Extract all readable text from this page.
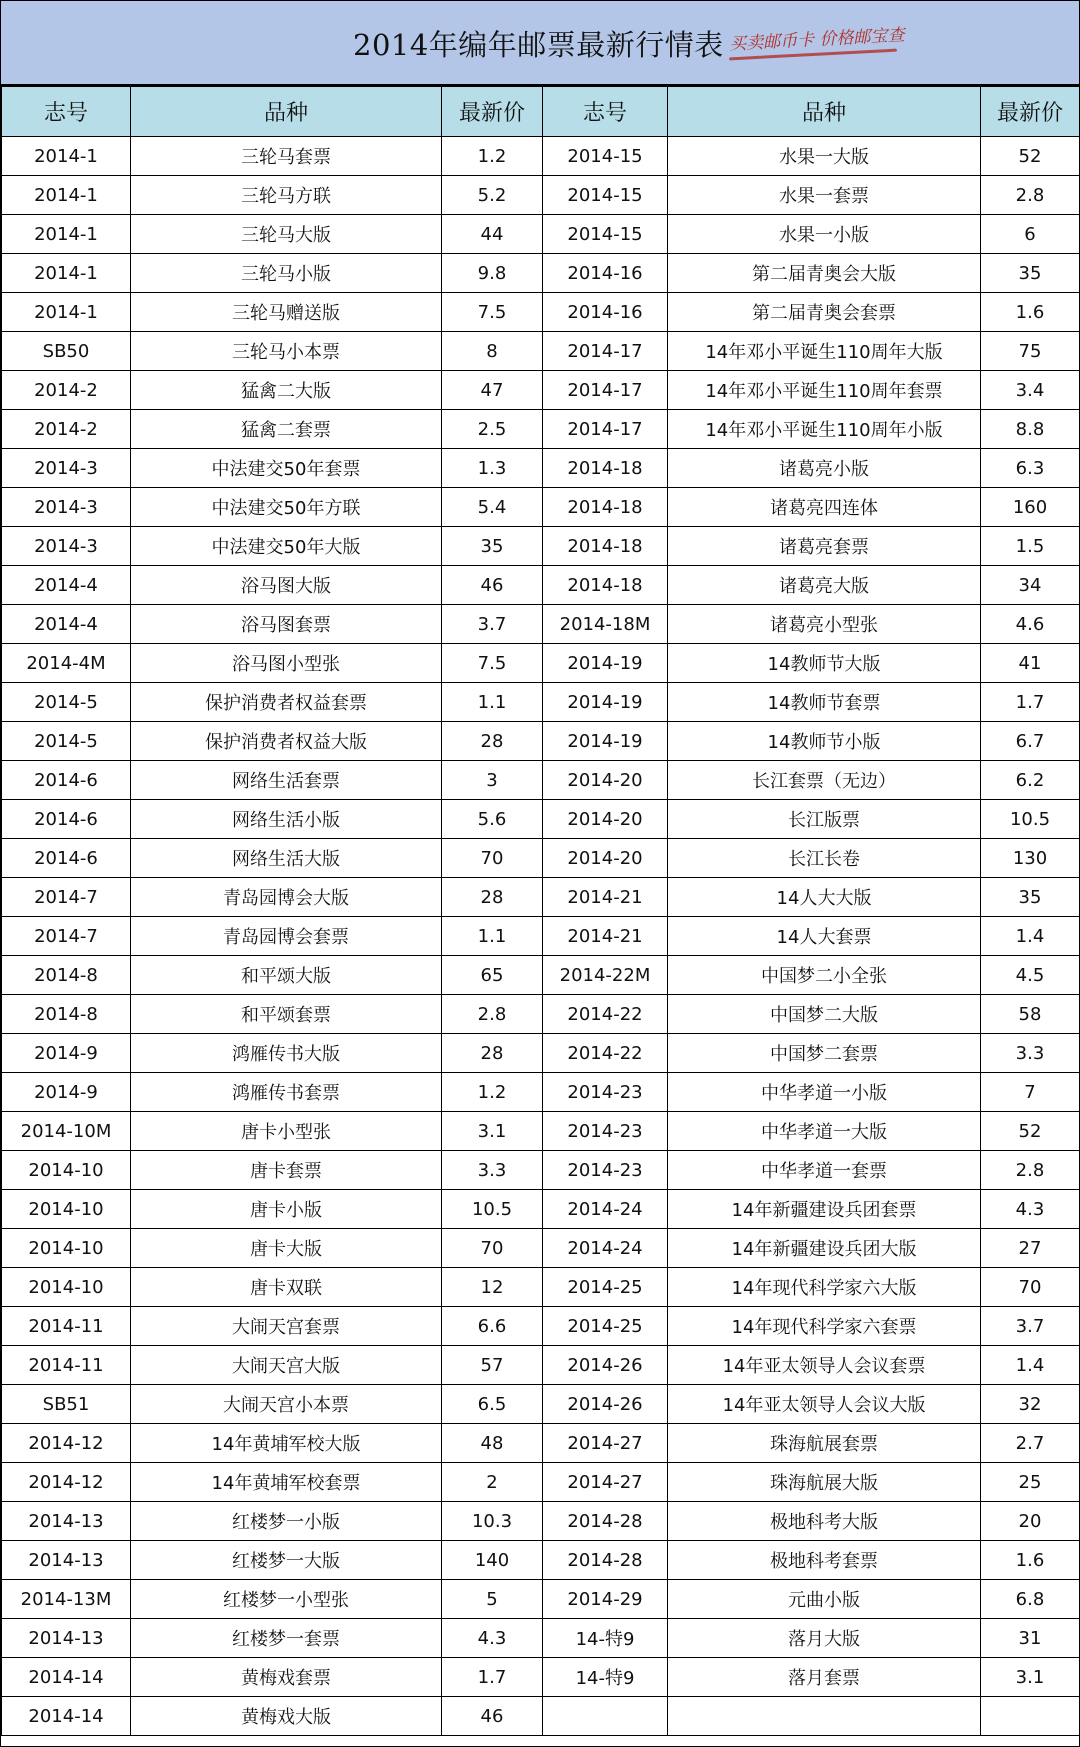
2014年编年邮票最新行情表 买卖邮币卡 价格邮宝查
志号	品种	最新价	志号	品种	最新价
2014-1	三轮马套票	1.2	2014-15	水果一大版	52
2014-1	三轮马方联	5.2	2014-15	水果一套票	2.8
2014-1	三轮马大版	44	2014-15	水果一小版	6
2014-1	三轮马小版	9.8	2014-16	第二届青奥会大版	35
2014-1	三轮马赠送版	7.5	2014-16	第二届青奥会套票	1.6
SB50	三轮马小本票	8	2014-17	14年邓小平诞生110周年大版	75
2014-2	猛禽二大版	47	2014-17	14年邓小平诞生110周年套票	3.4
2014-2	猛禽二套票	2.5	2014-17	14年邓小平诞生110周年小版	8.8
2014-3	中法建交50年套票	1.3	2014-18	诸葛亮小版	6.3
2014-3	中法建交50年方联	5.4	2014-18	诸葛亮四连体	160
2014-3	中法建交50年大版	35	2014-18	诸葛亮套票	1.5
2014-4	浴马图大版	46	2014-18	诸葛亮大版	34
2014-4	浴马图套票	3.7	2014-18M	诸葛亮小型张	4.6
2014-4M	浴马图小型张	7.5	2014-19	14教师节大版	41
2014-5	保护消费者权益套票	1.1	2014-19	14教师节套票	1.7
2014-5	保护消费者权益大版	28	2014-19	14教师节小版	6.7
2014-6	网络生活套票	3	2014-20	长江套票（无边）	6.2
2014-6	网络生活小版	5.6	2014-20	长江版票	10.5
2014-6	网络生活大版	70	2014-20	长江长卷	130
2014-7	青岛园博会大版	28	2014-21	14人大大版	35
2014-7	青岛园博会套票	1.1	2014-21	14人大套票	1.4
2014-8	和平颂大版	65	2014-22M	中国梦二小全张	4.5
2014-8	和平颂套票	2.8	2014-22	中国梦二大版	58
2014-9	鸿雁传书大版	28	2014-22	中国梦二套票	3.3
2014-9	鸿雁传书套票	1.2	2014-23	中华孝道一小版	7
2014-10M	唐卡小型张	3.1	2014-23	中华孝道一大版	52
2014-10	唐卡套票	3.3	2014-23	中华孝道一套票	2.8
2014-10	唐卡小版	10.5	2014-24	14年新疆建设兵团套票	4.3
2014-10	唐卡大版	70	2014-24	14年新疆建设兵团大版	27
2014-10	唐卡双联	12	2014-25	14年现代科学家六大版	70
2014-11	大闹天宫套票	6.6	2014-25	14年现代科学家六套票	3.7
2014-11	大闹天宫大版	57	2014-26	14年亚太领导人会议套票	1.4
SB51	大闹天宫小本票	6.5	2014-26	14年亚太领导人会议大版	32
2014-12	14年黄埔军校大版	48	2014-27	珠海航展套票	2.7
2014-12	14年黄埔军校套票	2	2014-27	珠海航展大版	25
2014-13	红楼梦一小版	10.3	2014-28	极地科考大版	20
2014-13	红楼梦一大版	140	2014-28	极地科考套票	1.6
2014-13M	红楼梦一小型张	5	2014-29	元曲小版	6.8
2014-13	红楼梦一套票	4.3	14-特9	落月大版	31
2014-14	黄梅戏套票	1.7	14-特9	落月套票	3.1
2014-14	黄梅戏大版	46			
